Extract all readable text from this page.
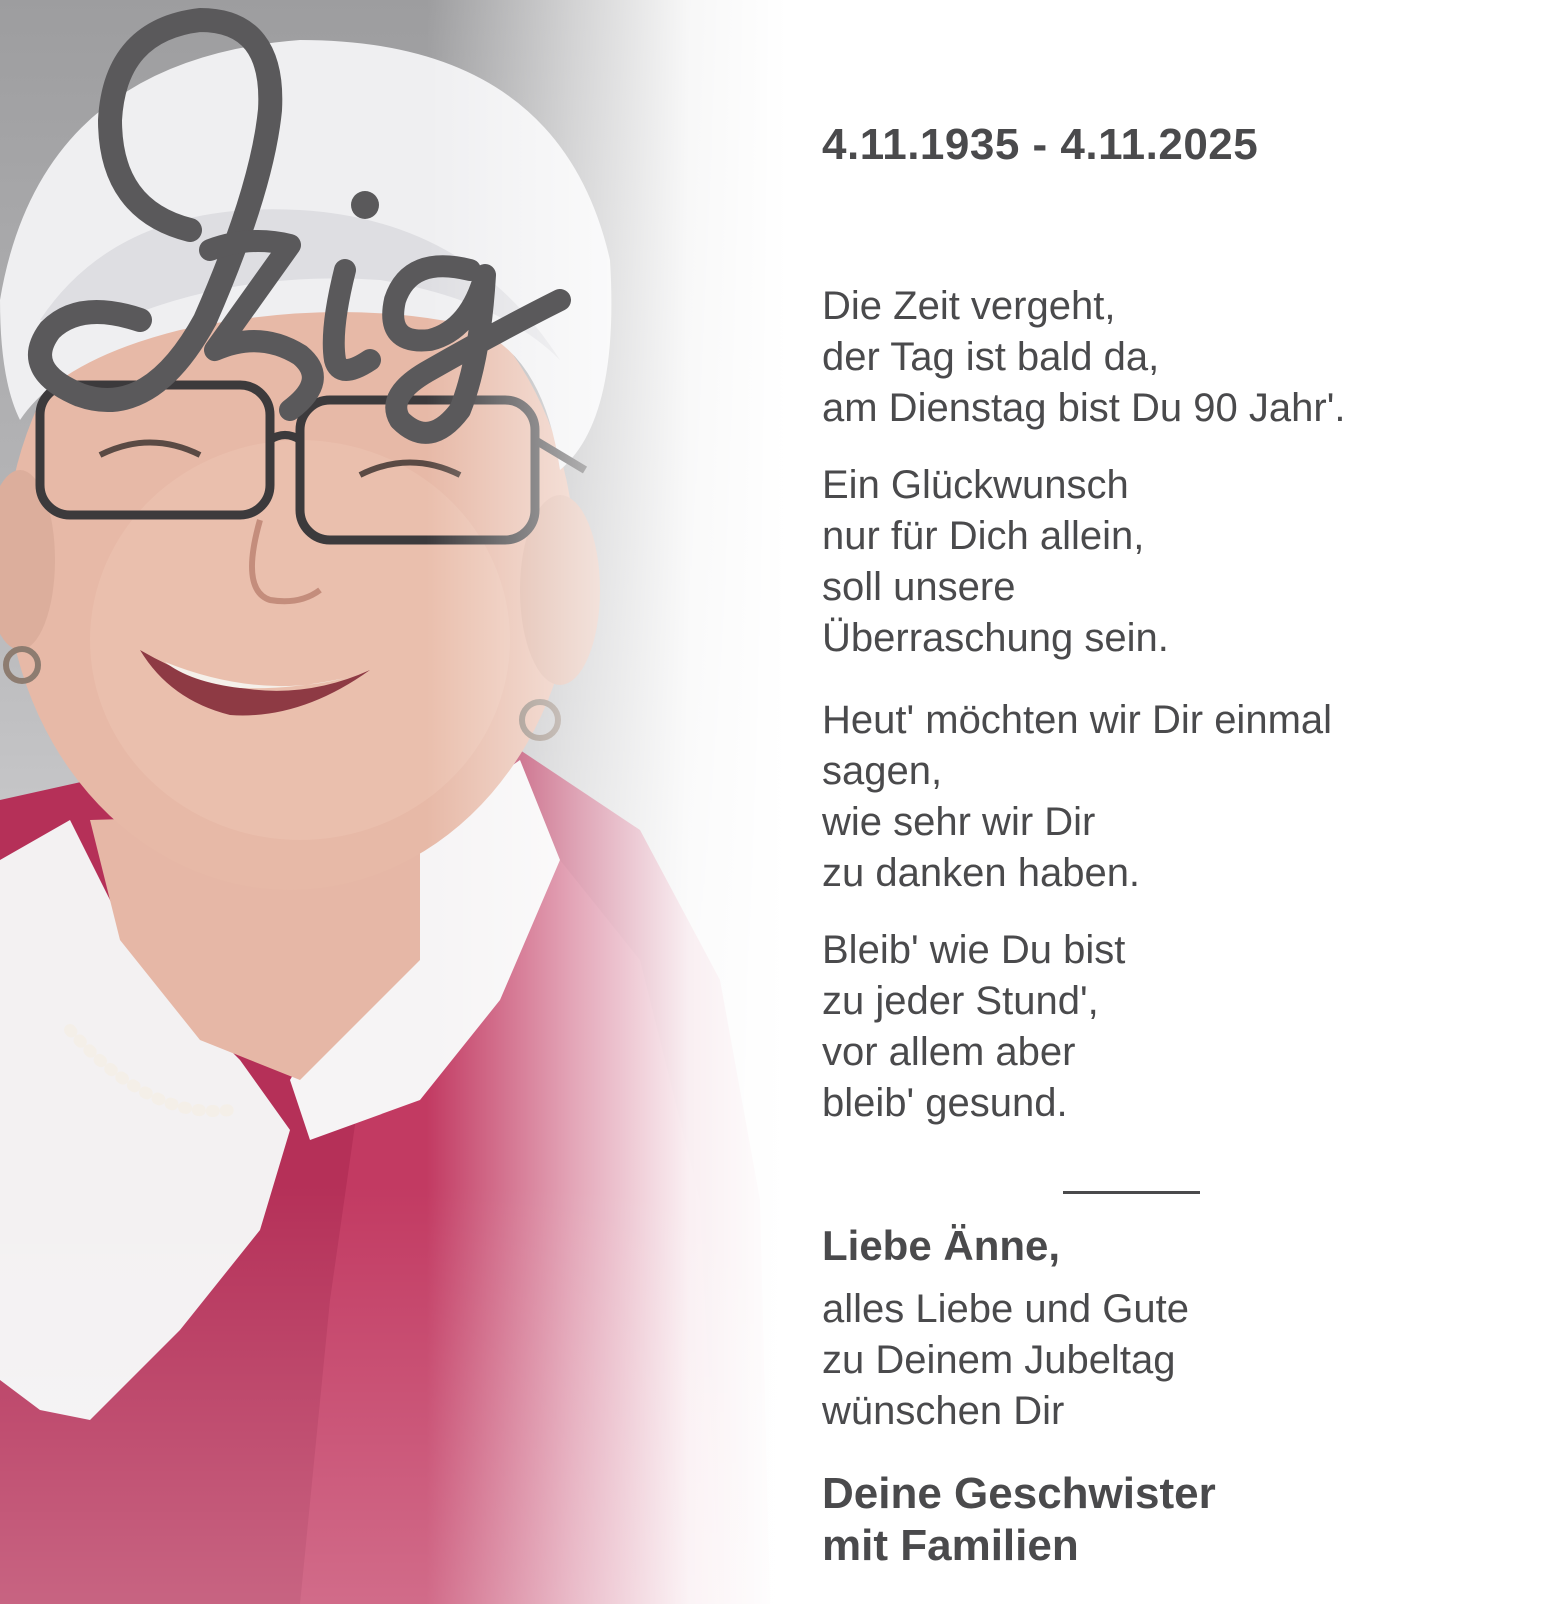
4.11.1935 - 4.11.2025

Die Zeit vergeht,
der Tag ist bald da,
am Dienstag bist Du 90 Jahr'.

Ein Glückwunsch
nur für Dich allein,
soll unsere
Überraschung sein.

Heut' möchten wir Dir einmal
sagen,
wie sehr wir Dir
zu danken haben.

Bleib' wie Du bist
zu jeder Stund',
vor allem aber
bleib' gesund.

Liebe Änne,

alles Liebe und Gute
zu Deinem Jubeltag
wünschen Dir

Deine Geschwister
mit Familien
